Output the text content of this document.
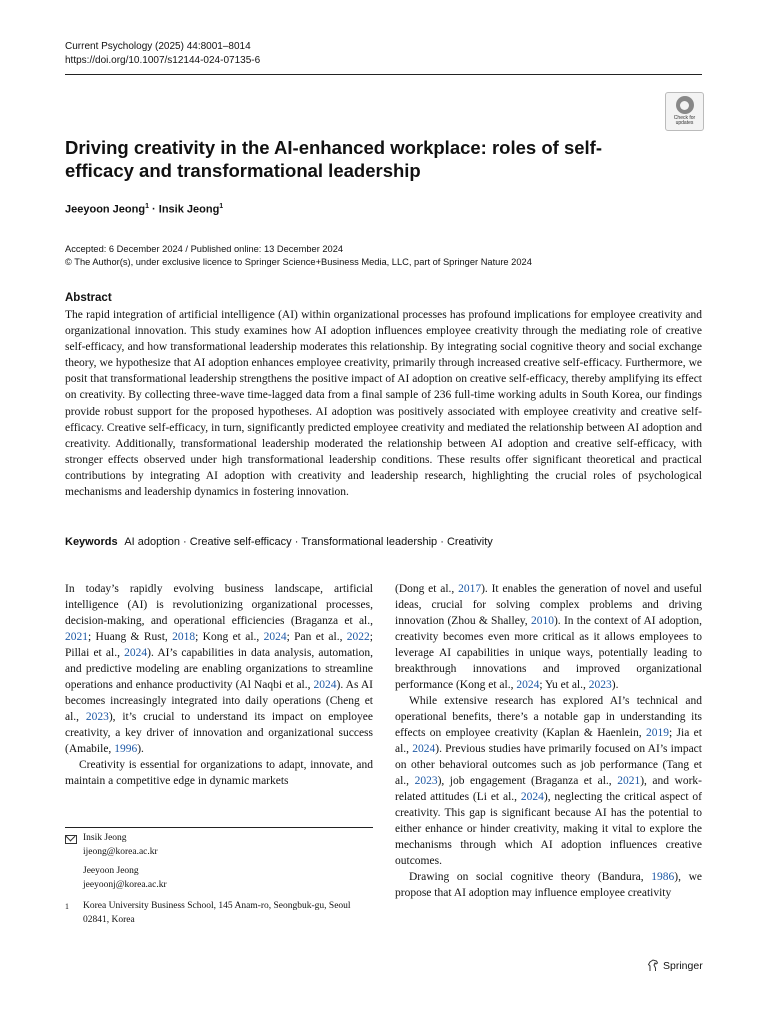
Current Psychology (2025) 44:8001–8014
https://doi.org/10.1007/s12144-024-07135-6
Check for updates
Driving creativity in the AI-enhanced workplace: roles of self-efficacy and transformational leadership
Jeeyoon Jeong$^1$ · Insik Jeong$^1$
Accepted: 6 December 2024 / Published online: 13 December 2024
© The Author(s), under exclusive licence to Springer Science+Business Media, LLC, part of Springer Nature 2024
Abstract

The rapid integration of artificial intelligence (AI) within organizational processes has profound implications for employee creativity and organizational innovation. This study examines how AI adoption influences employee creativity through the mediating role of creative self-efficacy, and how transformational leadership moderates this relationship. By integrating social cognitive theory and social exchange theory, we hypothesize that AI adoption enhances employee creativity, primarily through increased creative self-efficacy. Furthermore, we posit that transformational leadership strengthens the positive impact of AI adoption on creative self-efficacy, thereby amplifying its effect on creativity. By collecting three-wave time-lagged data from a final sample of 236 full-time working adults in South Korea, our findings provide robust support for the proposed hypotheses. AI adoption was positively associated with employee creativity and creative self-efficacy. Creative self-efficacy, in turn, significantly predicted employee creativity and mediated the relationship between AI adoption and creativity. Additionally, transformational leadership moderated the relationship between AI adoption and creative self-efficacy, with stronger effects observed under high transformational leadership conditions. These results offer significant theoretical and practical contributions by integrating AI adoption with creativity and leadership research, highlighting the crucial roles of psychological mechanisms and leadership dynamics in fostering innovation.

Keywords AI adoption · Creative self-efficacy · Transformational leadership · Creativity

In today’s rapidly evolving business landscape, artificial intelligence (AI) is revolutionizing organizational processes, decision-making, and operational efficiencies (Braganza et al., 2021; Huang & Rust, 2018; Kong et al., 2024; Pan et al., 2022; Pillai et al., 2024). AI’s capabilities in data analysis, automation, and predictive modeling are enabling organizations to streamline operations and enhance productivity (Al Naqbi et al., 2024). As AI becomes increasingly integrated into daily operations (Cheng et al., 2023), it’s crucial to understand its impact on employee creativity, a key driver of innovation and organizational success (Amabile, 1996).

Creativity is essential for organizations to adapt, innovate, and maintain a competitive edge in dynamic markets

(Dong et al., 2017). It enables the generation of novel and useful ideas, crucial for solving complex problems and driving innovation (Zhou & Shalley, 2010). In the context of AI adoption, creativity becomes even more critical as it allows employees to leverage AI capabilities in unique ways, potentially leading to breakthrough innovations and improved organizational performance (Kong et al., 2024; Yu et al., 2023).

While extensive research has explored AI’s technical and operational benefits, there’s a notable gap in understanding its effects on employee creativity (Kaplan & Haenlein, 2019; Jia et al., 2024). Previous studies have primarily focused on AI’s impact on other behavioral outcomes such as job performance (Tang et al., 2023), job engagement (Braganza et al., 2021), and work-related attitudes (Li et al., 2024), neglecting the critical aspect of creativity. This gap is significant because AI has the potential to either enhance or hinder creativity, making it vital to explore the mechanisms through which AI adoption influences creative outcomes.

Drawing on social cognitive theory (Bandura, 1986), we propose that AI adoption may influence employee creativity

Insik Jeong
ijeong@korea.ac.kr
Jeeyoon Jeong
jeeyoonj@korea.ac.kr
$^1$	Korea University Business School, 145 Anam-ro, Seongbuk-gu, Seoul 02841, Korea
Springer
